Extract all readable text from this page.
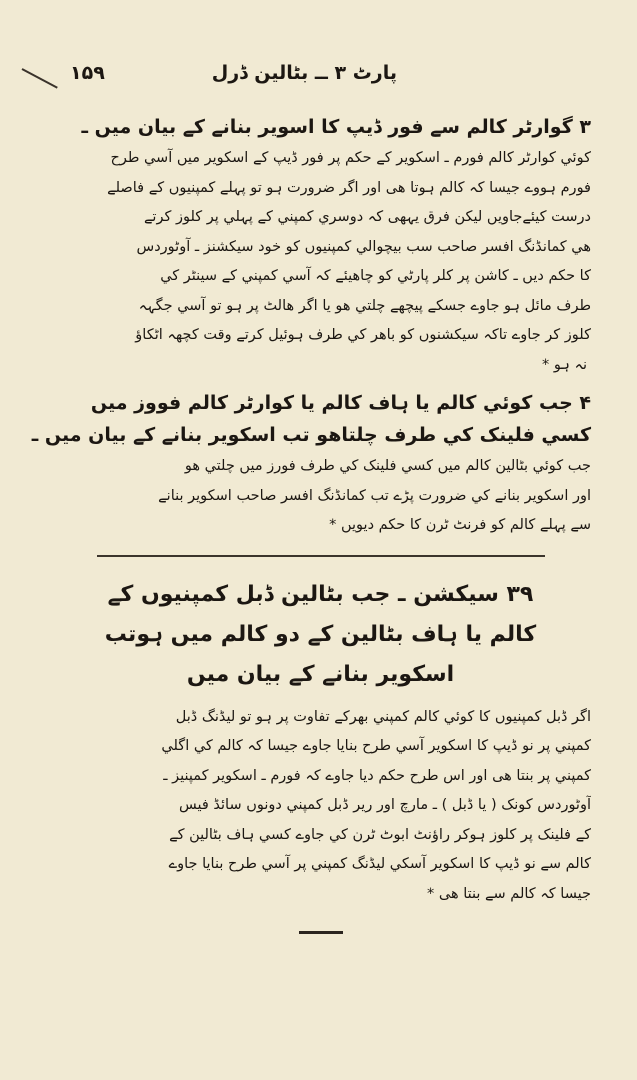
پارٹ ۳ ــ بٹالین ڈرل
۱۵۹
۳ گوارٹر کالم سے فور ڈیپ کا اسویر بنانے کے بیان میں ـ
کوئي کوارٹر کالم فورم ـ اسکویر کے حکم پر فور ڈیپ کے اسکویر میں آسي طرح
فورم ہووے جیسا کہ کالم ہوتا ھی اور اگر ضرورت ہو تو پہلے کمپنیوں کے فاصلے
درست کیئےجاویں لیکن فرق یہھی کہ دوسري کمپني کے پہلي پر کلوز کرتے
ھي کمانڈنگ افسر صاحب سب بیچوالي کمپنیوں کو خود سیکشنز ـ آوٹوردس
کا حکم دیں ـ کاشن پر کلر پارٹي کو چاھیئے کہ آسي کمپني کے سینٹر کي
طرف مائل ہو جاوے جسکے پیچھے چلتي ھو یا اگر ھالٹ پر ہو تو آسي جگہہ
کلوز کر جاوے تاکہ سیکشنوں کو باھر کي طرف ہوئیل کرتے وقت کچھہ اٹکاؤ
نہ ہو *
۴ جب کوئي کالم یا ہاف کالم یا کوارٹر کالم فووز میں
کسي فلینک کي طرف چلتاھو تب اسکویر بنانے کے بیان میں ـ
جب کوئي بٹالین کالم میں کسي فلینک کي طرف فورز میں چلتي ھو
اور اسکویر بنانے کي ضرورت پڑے تب کمانڈنگ افسر صاحب اسکویر بنانے
سے پہلے کالم کو فرنٹ ٹرن کا حکم دیویں *
۳۹ سیکشن ـ جب بٹالین ڈبل کمپنیوں کے
کالم یا ہاف بٹالین کے دو کالم میں ہوتب
اسکویر بنانے کے بیان میں
اگر ڈبل کمپنیوں کا کوئي کالم کمپني بھرکے تفاوت پر ہو تو لیڈنگ ڈبل
کمپني پر نو ڈیپ کا اسکویر آسي طرح بنایا جاوے جیسا کہ کالم کي اگلي
کمپني پر بنتا ھی اور اس طرح حکم دیا جاوے کہ فورم ـ اسکویر کمپنیز ـ
آوٹوردس کونک ( یا ڈبل ) ـ مارچ اور ریر ڈبل کمپني دونوں سائڈ فیس
کے فلینک پر کلوز ہوکر راؤنٹ ابوٹ ٹرن کي جاوے کسي ہاف بٹالین کے
کالم سے نو ڈیپ کا اسکویر آسکي لیڈنگ کمپني پر آسي طرح بنایا جاوے
جیسا کہ کالم سے بنتا ھی *
